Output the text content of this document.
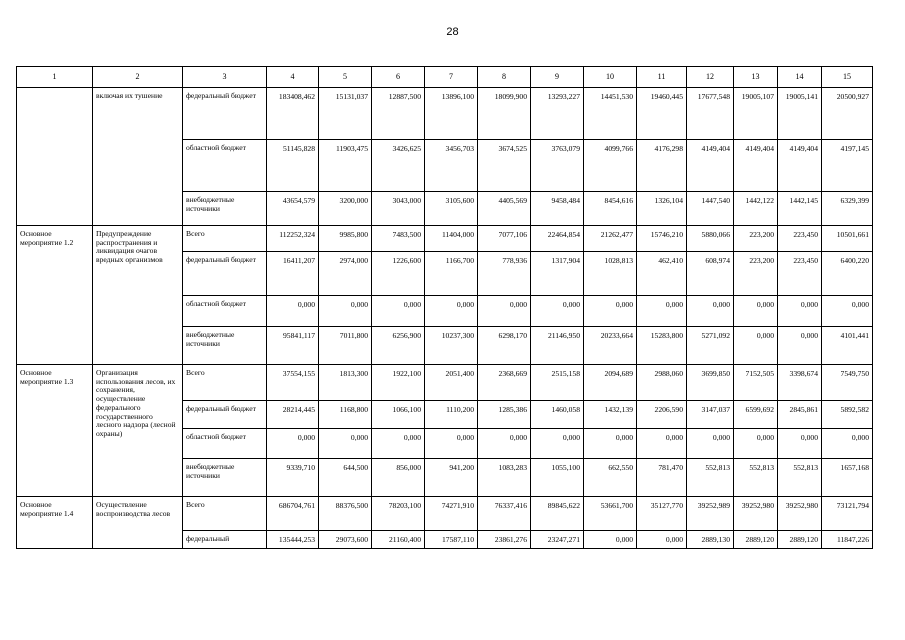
28
1	2	3	4	5	6	7	8	9	10	11	12	13	14	15
	включая их тушение	федеральный бюджет	183408,462	15131,037	12887,500	13896,100	18099,900	13293,227	14451,530	19460,445	17677,548	19005,107	19005,141	20500,927
		областной бюджет	51145,828	11903,475	3426,625	3456,703	3674,525	3763,079	4099,766	4176,298	4149,404	4149,404	4149,404	4197,145
		внебюджетные источники	43654,579	3200,000	3043,000	3105,600	4405,569	9458,484	8454,616	1326,104	1447,540	1442,122	1442,145	6329,399
Основное мероприятие 1.2	Предупреждение распространения и ликвидация очагов вредных организмов	Всего	112252,324	9985,800	7483,500	11404,000	7077,106	22464,854	21262,477	15746,210	5880,066	223,200	223,450	10501,661
		федеральный бюджет	16411,207	2974,000	1226,600	1166,700	778,936	1317,904	1028,813	462,410	608,974	223,200	223,450	6400,220
		областной бюджет	0,000	0,000	0,000	0,000	0,000	0,000	0,000	0,000	0,000	0,000	0,000	0,000
		внебюджетные источники	95841,117	7011,800	6256,900	10237,300	6298,170	21146,950	20233,664	15283,800	5271,092	0,000	0,000	4101,441
Основное мероприятие 1.3	Организация использования лесов, их сохранения, осуществление федерального государственного лесного надзора (лесной охраны)	Всего	37554,155	1813,300	1922,100	2051,400	2368,669	2515,158	2094,689	2988,060	3699,850	7152,505	3398,674	7549,750
		федеральный бюджет	28214,445	1168,800	1066,100	1110,200	1285,386	1460,058	1432,139	2206,590	3147,037	6599,692	2845,861	5892,582
		областной бюджет	0,000	0,000	0,000	0,000	0,000	0,000	0,000	0,000	0,000	0,000	0,000	0,000
		внебюджетные источники	9339,710	644,500	856,000	941,200	1083,283	1055,100	662,550	781,470	552,813	552,813	552,813	1657,168
Основное мероприятие 1.4	Осуществление воспроизводства лесов	Всего	686704,761	88376,500	78203,100	74271,910	76337,416	89845,622	53661,700	35127,770	39252,989	39252,980	39252,980	73121,794
		федеральный	135444,253	29073,600	21160,400	17587,110	23861,276	23247,271	0,000	0,000	2889,130	2889,120	2889,120	11847,226
